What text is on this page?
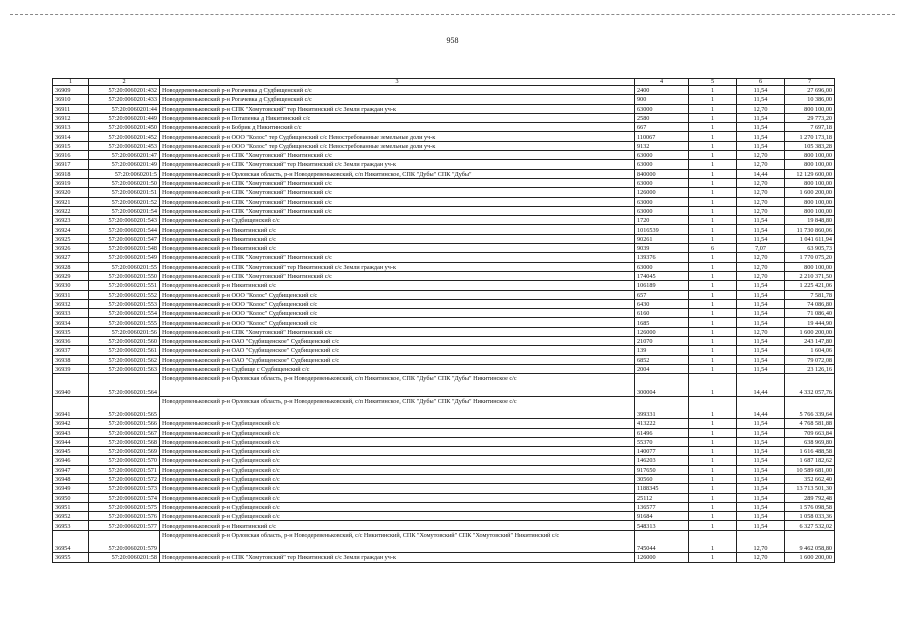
958
1	2	3	4	5	6	7
36909	57:20:0060201:432	Новодеревеньковский р-н Рогачевка д Судбищенский с/с	2400	1	11,54	27 696,00
36910	57:20:0060201:433	Новодеревеньковский р-н Рогачевка д Судбищенский с/с	900	1	11,54	10 386,00
36911	57:20:0060201:44	Новодеревеньковский р-н СПК "Хомутовский" тер Никитинский с/с Земли граждан уч-к	63000	1	12,70	800 100,00
36912	57:20:0060201:449	Новодеревеньковский р-н Потапенка д Никитинский с/с	2580	1	11,54	29 773,20
36913	57:20:0060201:450	Новодеревеньковский р-н Бобрик д Никитинский с/с	667	1	11,54	7 697,18
36914	57:20:0060201:452	Новодеревеньковский р-н ООО "Колос" тер Судбищенский с/с Невостребованные земельные доли уч-к	110067	1	11,54	1 270 173,18
36915	57:20:0060201:453	Новодеревеньковский р-н ООО "Колос" тер Судбищенский с/с Невостребованные земельные доли уч-к	9132	1	11,54	105 383,28
36916	57:20:0060201:47	Новодеревеньковский р-н СПК "Хомутовский" Никитинский с/с	63000	1	12,70	800 100,00
36917	57:20:0060201:49	Новодеревеньковский р-н СПК "Хомутовский" тер Никитинский с/с Земли граждан уч-к	63000	1	12,70	800 100,00
36918	57:20:0060201:5	Новодеревеньковский р-н Орловская область, р-н Новодеревеньковский, с/п Никитинское, СПК "Дубы" СПК "Дубы"	840000	1	14,44	12 129 600,00
36919	57:20:0060201:50	Новодеревеньковский р-н СПК "Хомутовский" Никитинский с/с	63000	1	12,70	800 100,00
36920	57:20:0060201:51	Новодеревеньковский р-н СПК "Хомутовский" Никитинский с/с	126000	1	12,70	1 600 200,00
36921	57:20:0060201:52	Новодеревеньковский р-н СПК "Хомутовский" Никитинский с/с	63000	1	12,70	800 100,00
36922	57:20:0060201:54	Новодеревеньковский р-н СПК "Хомутовский" Никитинский с/с	63000	1	12,70	800 100,00
36923	57:20:0060201:543	Новодеревеньковский р-н Судбищенский с/с	1720	1	11,54	19 848,80
36924	57:20:0060201:544	Новодеревеньковский р-н Никитинский с/с	1016539	1	11,54	11 730 860,06
36925	57:20:0060201:547	Новодеревеньковский р-н Никитинский с/с	90261	1	11,54	1 041 611,94
36926	57:20:0060201:548	Новодеревеньковский р-н Никитинский с/с	9039	6	7,07	63 905,73
36927	57:20:0060201:549	Новодеревеньковский р-н СПК "Хомутовский" Никитинский с/с	139376	1	12,70	1 770 075,20
36928	57:20:0060201:55	Новодеревеньковский р-н СПК "Хомутовский" тер Никитинский с/с Земли граждан уч-к	63000	1	12,70	800 100,00
36929	57:20:0060201:550	Новодеревеньковский р-н СПК "Хомутовский" Никитинский с/с	174045	1	12,70	2 210 371,50
36930	57:20:0060201:551	Новодеревеньковский р-н Никитинский с/с	106189	1	11,54	1 225 421,06
36931	57:20:0060201:552	Новодеревеньковский р-н ООО "Колос" Судбищенский с/с	657	1	11,54	7 581,78
36932	57:20:0060201:553	Новодеревеньковский р-н ООО "Колос" Судбищенский с/с	6430	1	11,54	74 086,80
36933	57:20:0060201:554	Новодеревеньковский р-н ООО "Колос" Судбищенский с/с	6160	1	11,54	71 086,40
36934	57:20:0060201:555	Новодеревеньковский р-н ООО "Колос" Судбищенский с/с	1685	1	11,54	19 444,90
36935	57:20:0060201:56	Новодеревеньковский р-н СПК "Хомутовский" Никитинский с/с	126000	1	12,70	1 600 200,00
36936	57:20:0060201:560	Новодеревеньковский р-н ОАО "Судбищенское" Судбищенский с/с	21070	1	11,54	243 147,80
36937	57:20:0060201:561	Новодеревеньковский р-н ОАО "Судбищенское" Судбищенский с/с	139	1	11,54	1 604,06
36938	57:20:0060201:562	Новодеревеньковский р-н ОАО "Судбищенское" Судбищенский с/с	6852	1	11,54	79 072,08
36939	57:20:0060201:563	Новодеревеньковский р-н Судбище с Судбищенский с/с	2004	1	11,54	23 126,16
36940	57:20:0060201:564	Новодеревеньковский р-н Орловская область, р-н Новодеревеньковский, с/п Никитинское, СПК "Дубы" СПК "Дубы" Никитинское с/с	300004	1	14,44	4 332 057,76
36941	57:20:0060201:565	Новодеревеньковский р-н Орловская область, р-н Новодеревеньковский, с/п Никитинское, СПК "Дубы" СПК "Дубы" Никитинское с/с	399331	1	14,44	5 766 339,64
36942	57:20:0060201:566	Новодеревеньковский р-н Судбищенский с/с	413222	1	11,54	4 768 581,88
36943	57:20:0060201:567	Новодеревеньковский р-н Судбищенский с/с	61496	1	11,54	709 663,84
36944	57:20:0060201:568	Новодеревеньковский р-н Судбищенский с/с	55370	1	11,54	638 969,80
36945	57:20:0060201:569	Новодеревеньковский р-н Судбищенский с/с	140077	1	11,54	1 616 488,58
36946	57:20:0060201:570	Новодеревеньковский р-н Судбищенский с/с	146203	1	11,54	1 687 182,62
36947	57:20:0060201:571	Новодеревеньковский р-н Судбищенский с/с	917650	1	11,54	10 589 681,00
36948	57:20:0060201:572	Новодеревеньковский р-н Судбищенский с/с	30560	1	11,54	352 662,40
36949	57:20:0060201:573	Новодеревеньковский р-н Судбищенский с/с	1188345	1	11,54	13 713 501,30
36950	57:20:0060201:574	Новодеревеньковский р-н Судбищенский с/с	25112	1	11,54	289 792,48
36951	57:20:0060201:575	Новодеревеньковский р-н Судбищенский с/с	136577	1	11,54	1 576 098,58
36952	57:20:0060201:576	Новодеревеньковский р-н Судбищенский с/с	91684	1	11,54	1 058 033,36
36953	57:20:0060201:577	Новодеревеньковский р-н Никитинский с/с	548313	1	11,54	6 327 532,02
36954	57:20:0060201:579	Новодеревеньковский р-н Орловская область, р-н Новодеревеньковский, с/с Никитинский, СПК "Хомутовский" СПК "Хомутовский" Никитинский с/с	745044	1	12,70	9 462 058,80
36955	57:20:0060201:58	Новодеревеньковский р-н СПК "Хомутовский" тер Никитинский с/с Земли граждан уч-к	126000	1	12,70	1 600 200,00
